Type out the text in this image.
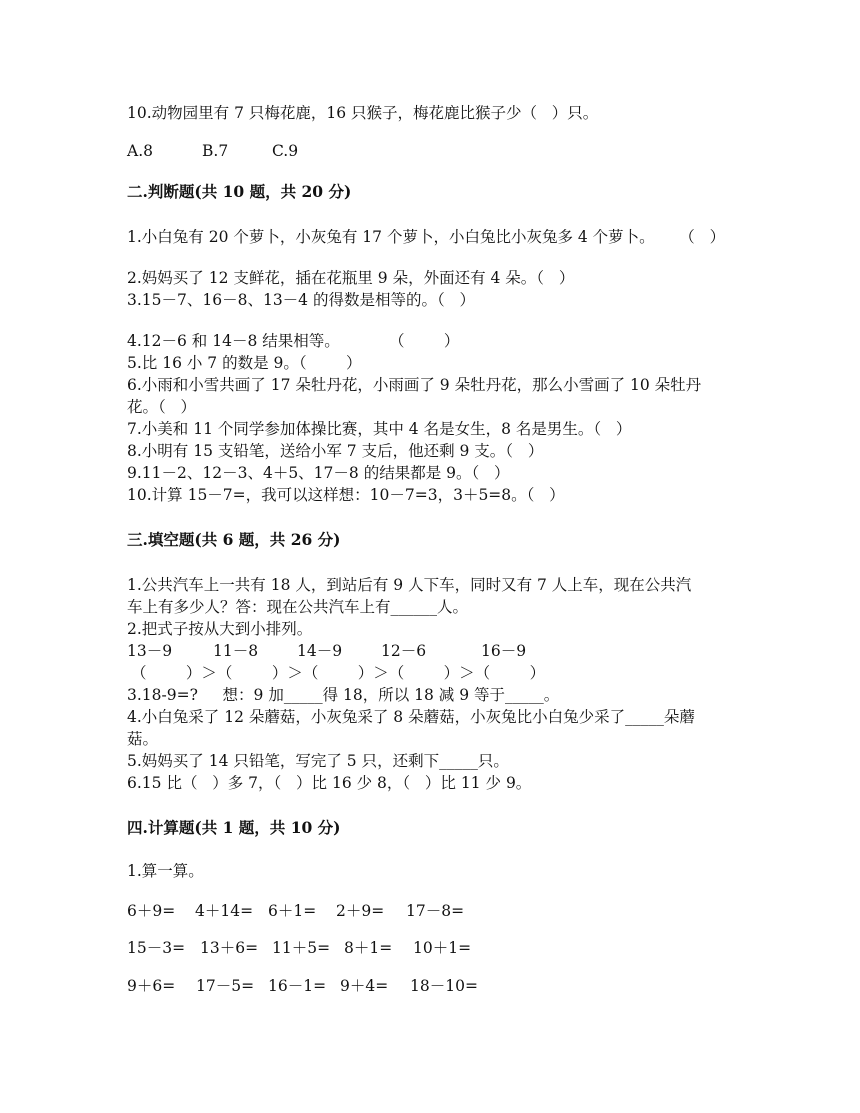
10.动物园里有 7 只梅花鹿，16 只猴子，梅花鹿比猴子少（   ）只。

A.8

	B.7

	C.9

二.判断题(共 10 题，共 20 分)
1.小白兔有 20 个萝卜，小灰兔有 17 个萝卜，小白兔比小灰兔多 4 个萝卜。     （   ）
2.妈妈买了 12 支鲜花，插在花瓶里 9 朵，外面还有 4 朵。（   ）
3.15－7、16－8、13－4 的得数是相等的。（   ）
4.12－6 和 14－8 结果相等。          （        ）
5.比 16 小 7 的数是 9。（        ）
6.小雨和小雪共画了 17 朵牡丹花，小雨画了 9 朵牡丹花，那么小雪画了 10 朵牡丹
花。（   ）
7.小美和 11 个同学参加体操比赛，其中 4 名是女生，8 名是男生。（   ）
8.小明有 15 支铅笔，送给小军 7 支后，他还剩 9 支。（   ）
9.11－2、12－3、4＋5、17－8 的结果都是 9。（   ）
10.计算 15－7=，我可以这样想：10－7=3，3＋5=8。（   ）
三.填空题(共 6 题，共 26 分)
1.公共汽车上一共有 18 人，到站后有 9 人下车，同时又有 7 人上车，现在公共汽
车上有多少人？答：现在公共汽车上有______人。
2.把式子按从大到小排列。

13－9

	11－8

	14－9

	12－6

	16－9

（        ）＞（        ）＞（        ）＞（        ）＞（        ）
3.18-9=?     想：9 加_____得 18，所以 18 减 9 等于_____。
4.小白兔采了 12 朵蘑菇，小灰兔采了 8 朵蘑菇，小灰兔比小白兔少采了_____朵蘑
菇。
5.妈妈买了 14 只铅笔，写完了 5 只，还剩下_____只。
6.15 比（   ）多 7，（   ）比 16 少 8，（   ）比 11 少 9。
四.计算题(共 1 题，共 10 分)
1.算一算。

6＋9=

4＋14=

6＋1=

2＋9=

17－8=

15－3=

13＋6=

11＋5=

8＋1=

10＋1=

9＋6=

17－5=

16－1=

9＋4=

18－10=
